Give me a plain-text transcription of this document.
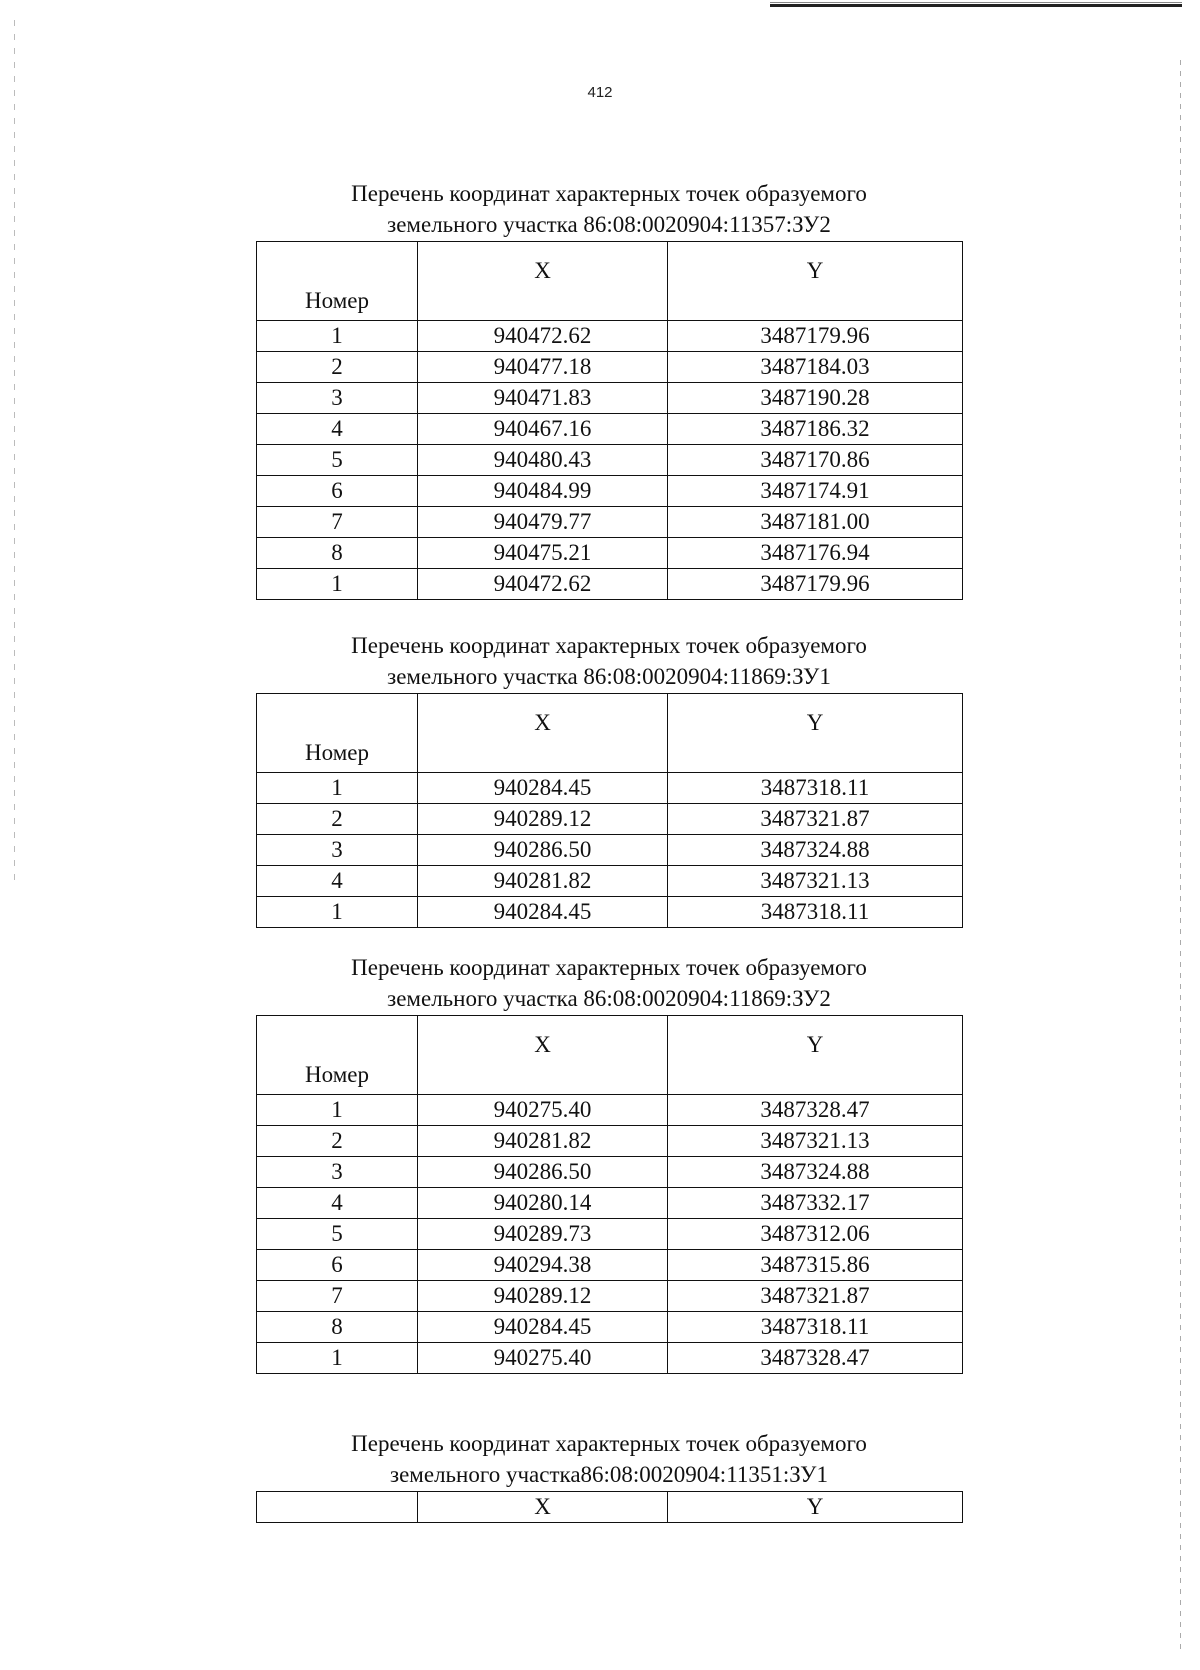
412
Перечень координат характерных точек образуемого
земельного участка 86:08:0020904:11357:ЗУ2
Номер	X	Y
1	940472.62	3487179.96
2	940477.18	3487184.03
3	940471.83	3487190.28
4	940467.16	3487186.32
5	940480.43	3487170.86
6	940484.99	3487174.91
7	940479.77	3487181.00
8	940475.21	3487176.94
1	940472.62	3487179.96
Перечень координат характерных точек образуемого
земельного участка 86:08:0020904:11869:ЗУ1
Номер	X	Y
1	940284.45	3487318.11
2	940289.12	3487321.87
3	940286.50	3487324.88
4	940281.82	3487321.13
1	940284.45	3487318.11
Перечень координат характерных точек образуемого
земельного участка 86:08:0020904:11869:ЗУ2
Номер	X	Y
1	940275.40	3487328.47
2	940281.82	3487321.13
3	940286.50	3487324.88
4	940280.14	3487332.17
5	940289.73	3487312.06
6	940294.38	3487315.86
7	940289.12	3487321.87
8	940284.45	3487318.11
1	940275.40	3487328.47
Перечень координат характерных точек образуемого
земельного участка86:08:0020904:11351:ЗУ1
	X	Y
